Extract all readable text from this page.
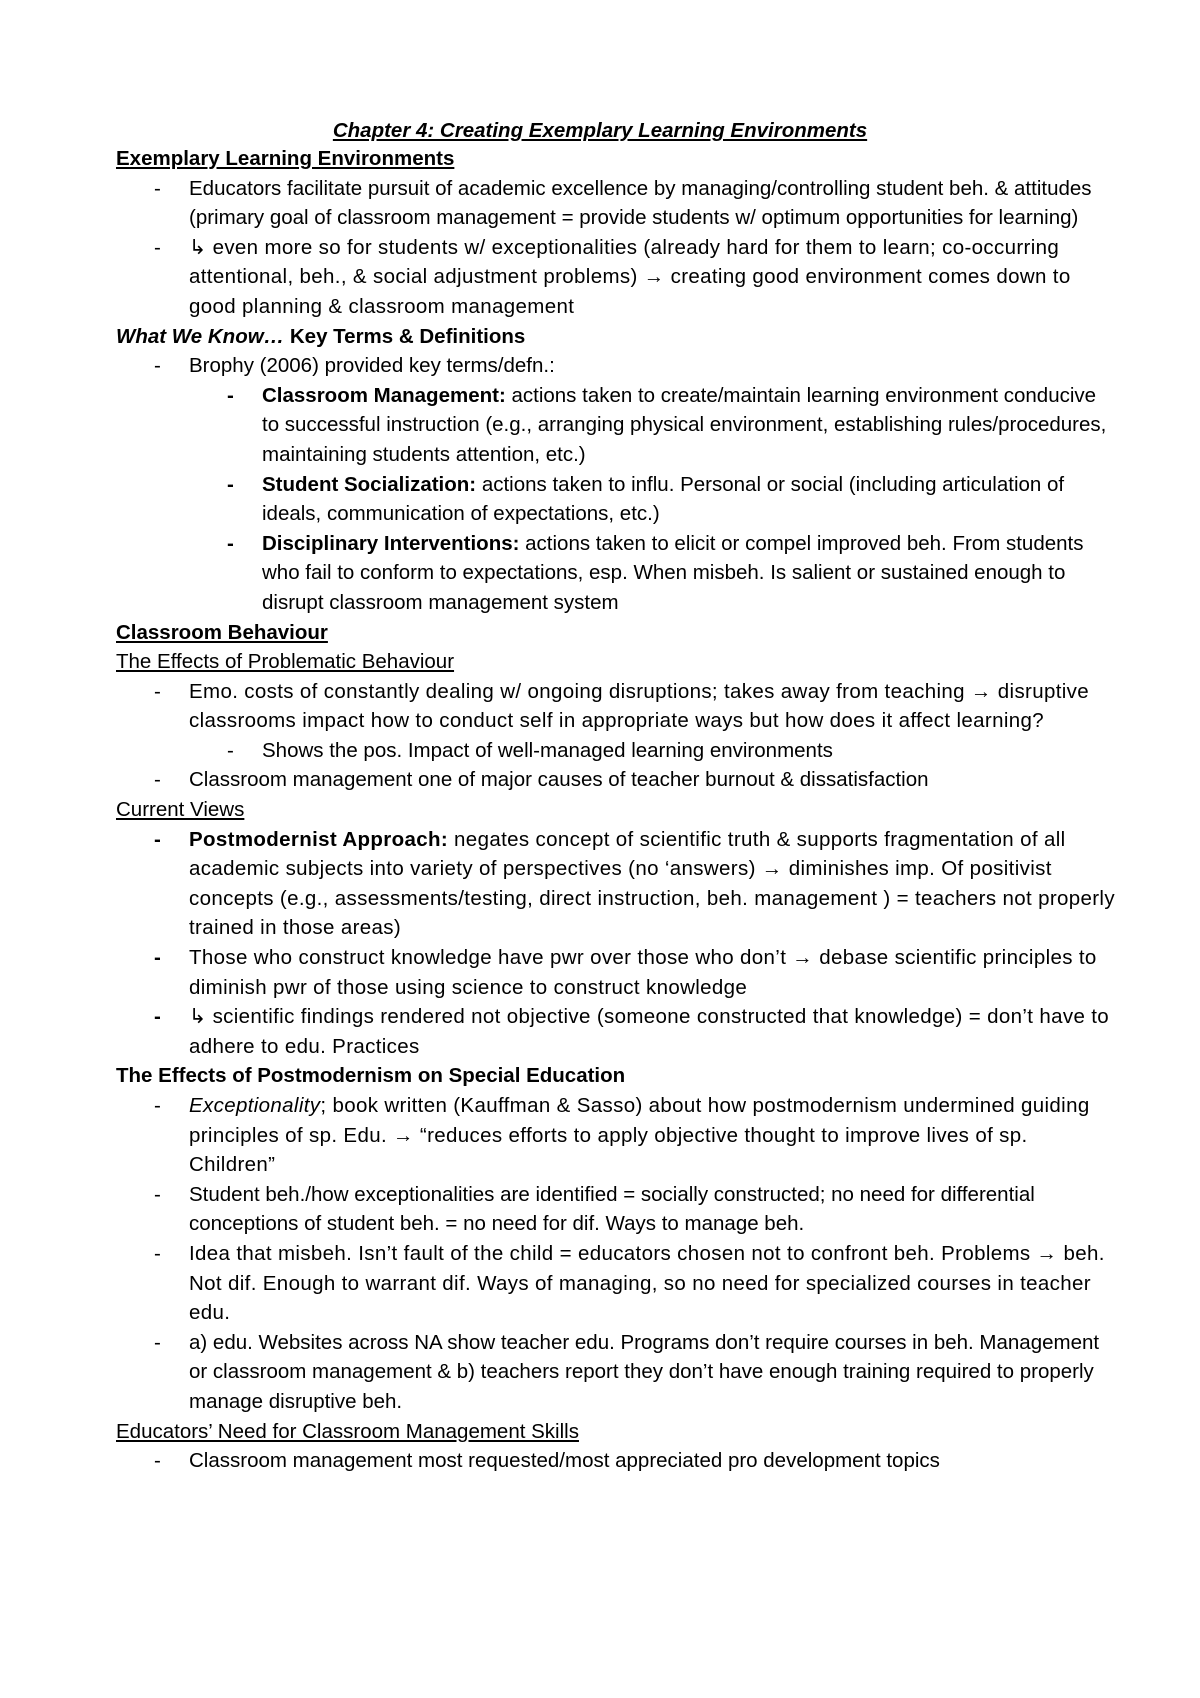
Chapter 4: Creating Exemplary Learning Environments
Exemplary Learning Environments
- Educators facilitate pursuit of academic excellence by managing/controlling student beh. & attitudes (primary goal of classroom management = provide students w/ optimum opportunities for learning)
- ↳ even more so for students w/ exceptionalities (already hard for them to learn; co-occurring attentional, beh., & social adjustment problems) → creating good environment comes down to good planning & classroom management
What We Know… Key Terms & Definitions
- Brophy (2006) provided key terms/defn.:
- Classroom Management: actions taken to create/maintain learning environment conducive to successful instruction (e.g., arranging physical environment, establishing rules/procedures, maintaining students attention, etc.)
- Student Socialization: actions taken to influ. Personal or social (including articulation of ideals, communication of expectations, etc.)
- Disciplinary Interventions: actions taken to elicit or compel improved beh. From students who fail to conform to expectations, esp. When misbeh. Is salient or sustained enough to disrupt classroom management system
Classroom Behaviour
The Effects of Problematic Behaviour
- Emo. costs of constantly dealing w/ ongoing disruptions; takes away from teaching → disruptive classrooms impact how to conduct self in appropriate ways but how does it affect learning?
- Shows the pos. Impact of well-managed learning environments
- Classroom management one of major causes of teacher burnout & dissatisfaction
Current Views
- Postmodernist Approach: negates concept of scientific truth & supports fragmentation of all academic subjects into variety of perspectives (no ‘answers) → diminishes imp. Of positivist concepts (e.g., assessments/testing, direct instruction, beh. management ) = teachers not properly trained in those areas)
- Those who construct knowledge have pwr over those who don’t → debase scientific principles to diminish pwr of those using science to construct knowledge
- ↳ scientific findings rendered not objective (someone constructed that knowledge) = don’t have to adhere to edu. Practices
The Effects of Postmodernism on Special Education
- Exceptionality; book written (Kauffman & Sasso) about how postmodernism undermined guiding principles of sp. Edu. → “reduces efforts to apply objective thought to improve lives of sp. Children”
- Student beh./how exceptionalities are identified = socially constructed; no need for differential conceptions of student beh. = no need for dif. Ways to manage beh.
- Idea that misbeh. Isn’t fault of the child = educators chosen not to confront beh. Problems → beh. Not dif. Enough to warrant dif. Ways of managing, so no need for specialized courses in teacher edu.
- a) edu. Websites across NA show teacher edu. Programs don’t require courses in beh. Management or classroom management & b) teachers report they don’t have enough training required to properly manage disruptive beh.
Educators’ Need for Classroom Management Skills
- Classroom management most requested/most appreciated pro development topics
